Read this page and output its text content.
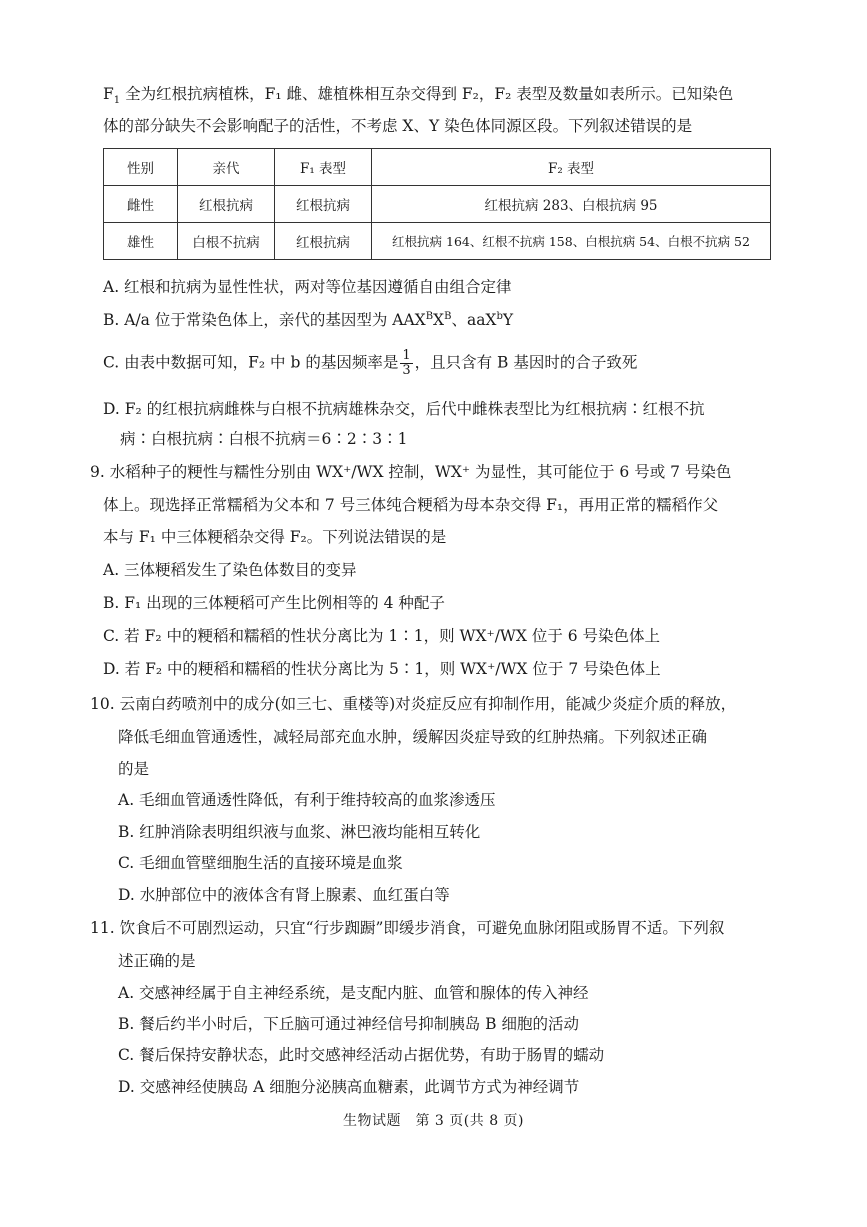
$F_1$ 全为红根抗病植株，F₁ 雌、雄植株相互杂交得到 F₂，F₂ 表型及数量如表所示。已知染色
体的部分缺失不会影响配子的活性，不考虑 X、Y 染色体同源区段。下列叙述错误的是
性别	亲代	F₁ 表型	F₂ 表型
雌性	红根抗病	红根抗病	红根抗病 283、白根抗病 95
雄性	白根不抗病	红根抗病	红根抗病 164、红根不抗病 158、白根抗病 54、白根不抗病 52
A. 红根和抗病为显性性状，两对等位基因遵循自由组合定律
B. A/a 位于常染色体上，亲代的基因型为 $AAX^BX^B$、aaX$^b$Y
C. 由表中数据可知，F₂ 中 b 的基因频率是 $\frac{1}{3}$ ，且只含有 B 基因时的合子致死
D. F₂ 的红根抗病雌株与白根不抗病雄株杂交，后代中雌株表型比为红根抗病∶红根不抗
病∶白根抗病∶白根不抗病＝6∶2∶3∶1
9. 水稻种子的粳性与糯性分别由 WX⁺/WX 控制，WX⁺ 为显性，其可能位于 6 号或 7 号染色
体上。现选择正常糯稻为父本和 7 号三体纯合粳稻为母本杂交得 F₁，再用正常的糯稻作父
本与 F₁ 中三体粳稻杂交得 F₂。下列说法错误的是
A. 三体粳稻发生了染色体数目的变异
B. F₁ 出现的三体粳稻可产生比例相等的 4 种配子
C. 若 F₂ 中的粳稻和糯稻的性状分离比为 1∶1，则 WX⁺/WX 位于 6 号染色体上
D. 若 F₂ 中的粳稻和糯稻的性状分离比为 5∶1，则 WX⁺/WX 位于 7 号染色体上
10. 云南白药喷剂中的成分(如三七、重楼等)对炎症反应有抑制作用，能减少炎症介质的释放，
降低毛细血管通透性，减轻局部充血水肿，缓解因炎症导致的红肿热痛。下列叙述正确
的是
A. 毛细血管通透性降低，有利于维持较高的血浆渗透压
B. 红肿消除表明组织液与血浆、淋巴液均能相互转化
C. 毛细血管壁细胞生活的直接环境是血浆
D. 水肿部位中的液体含有肾上腺素、血红蛋白等
11. 饮食后不可剧烈运动，只宜“行步踟蹰”即缓步消食，可避免血脉闭阻或肠胃不适。下列叙
述正确的是
A. 交感神经属于自主神经系统，是支配内脏、血管和腺体的传入神经
B. 餐后约半小时后，下丘脑可通过神经信号抑制胰岛 B 细胞的活动
C. 餐后保持安静状态，此时交感神经活动占据优势，有助于肠胃的蠕动
D. 交感神经使胰岛 A 细胞分泌胰高血糖素，此调节方式为神经调节
生物试题　第 3 页(共 8 页)
